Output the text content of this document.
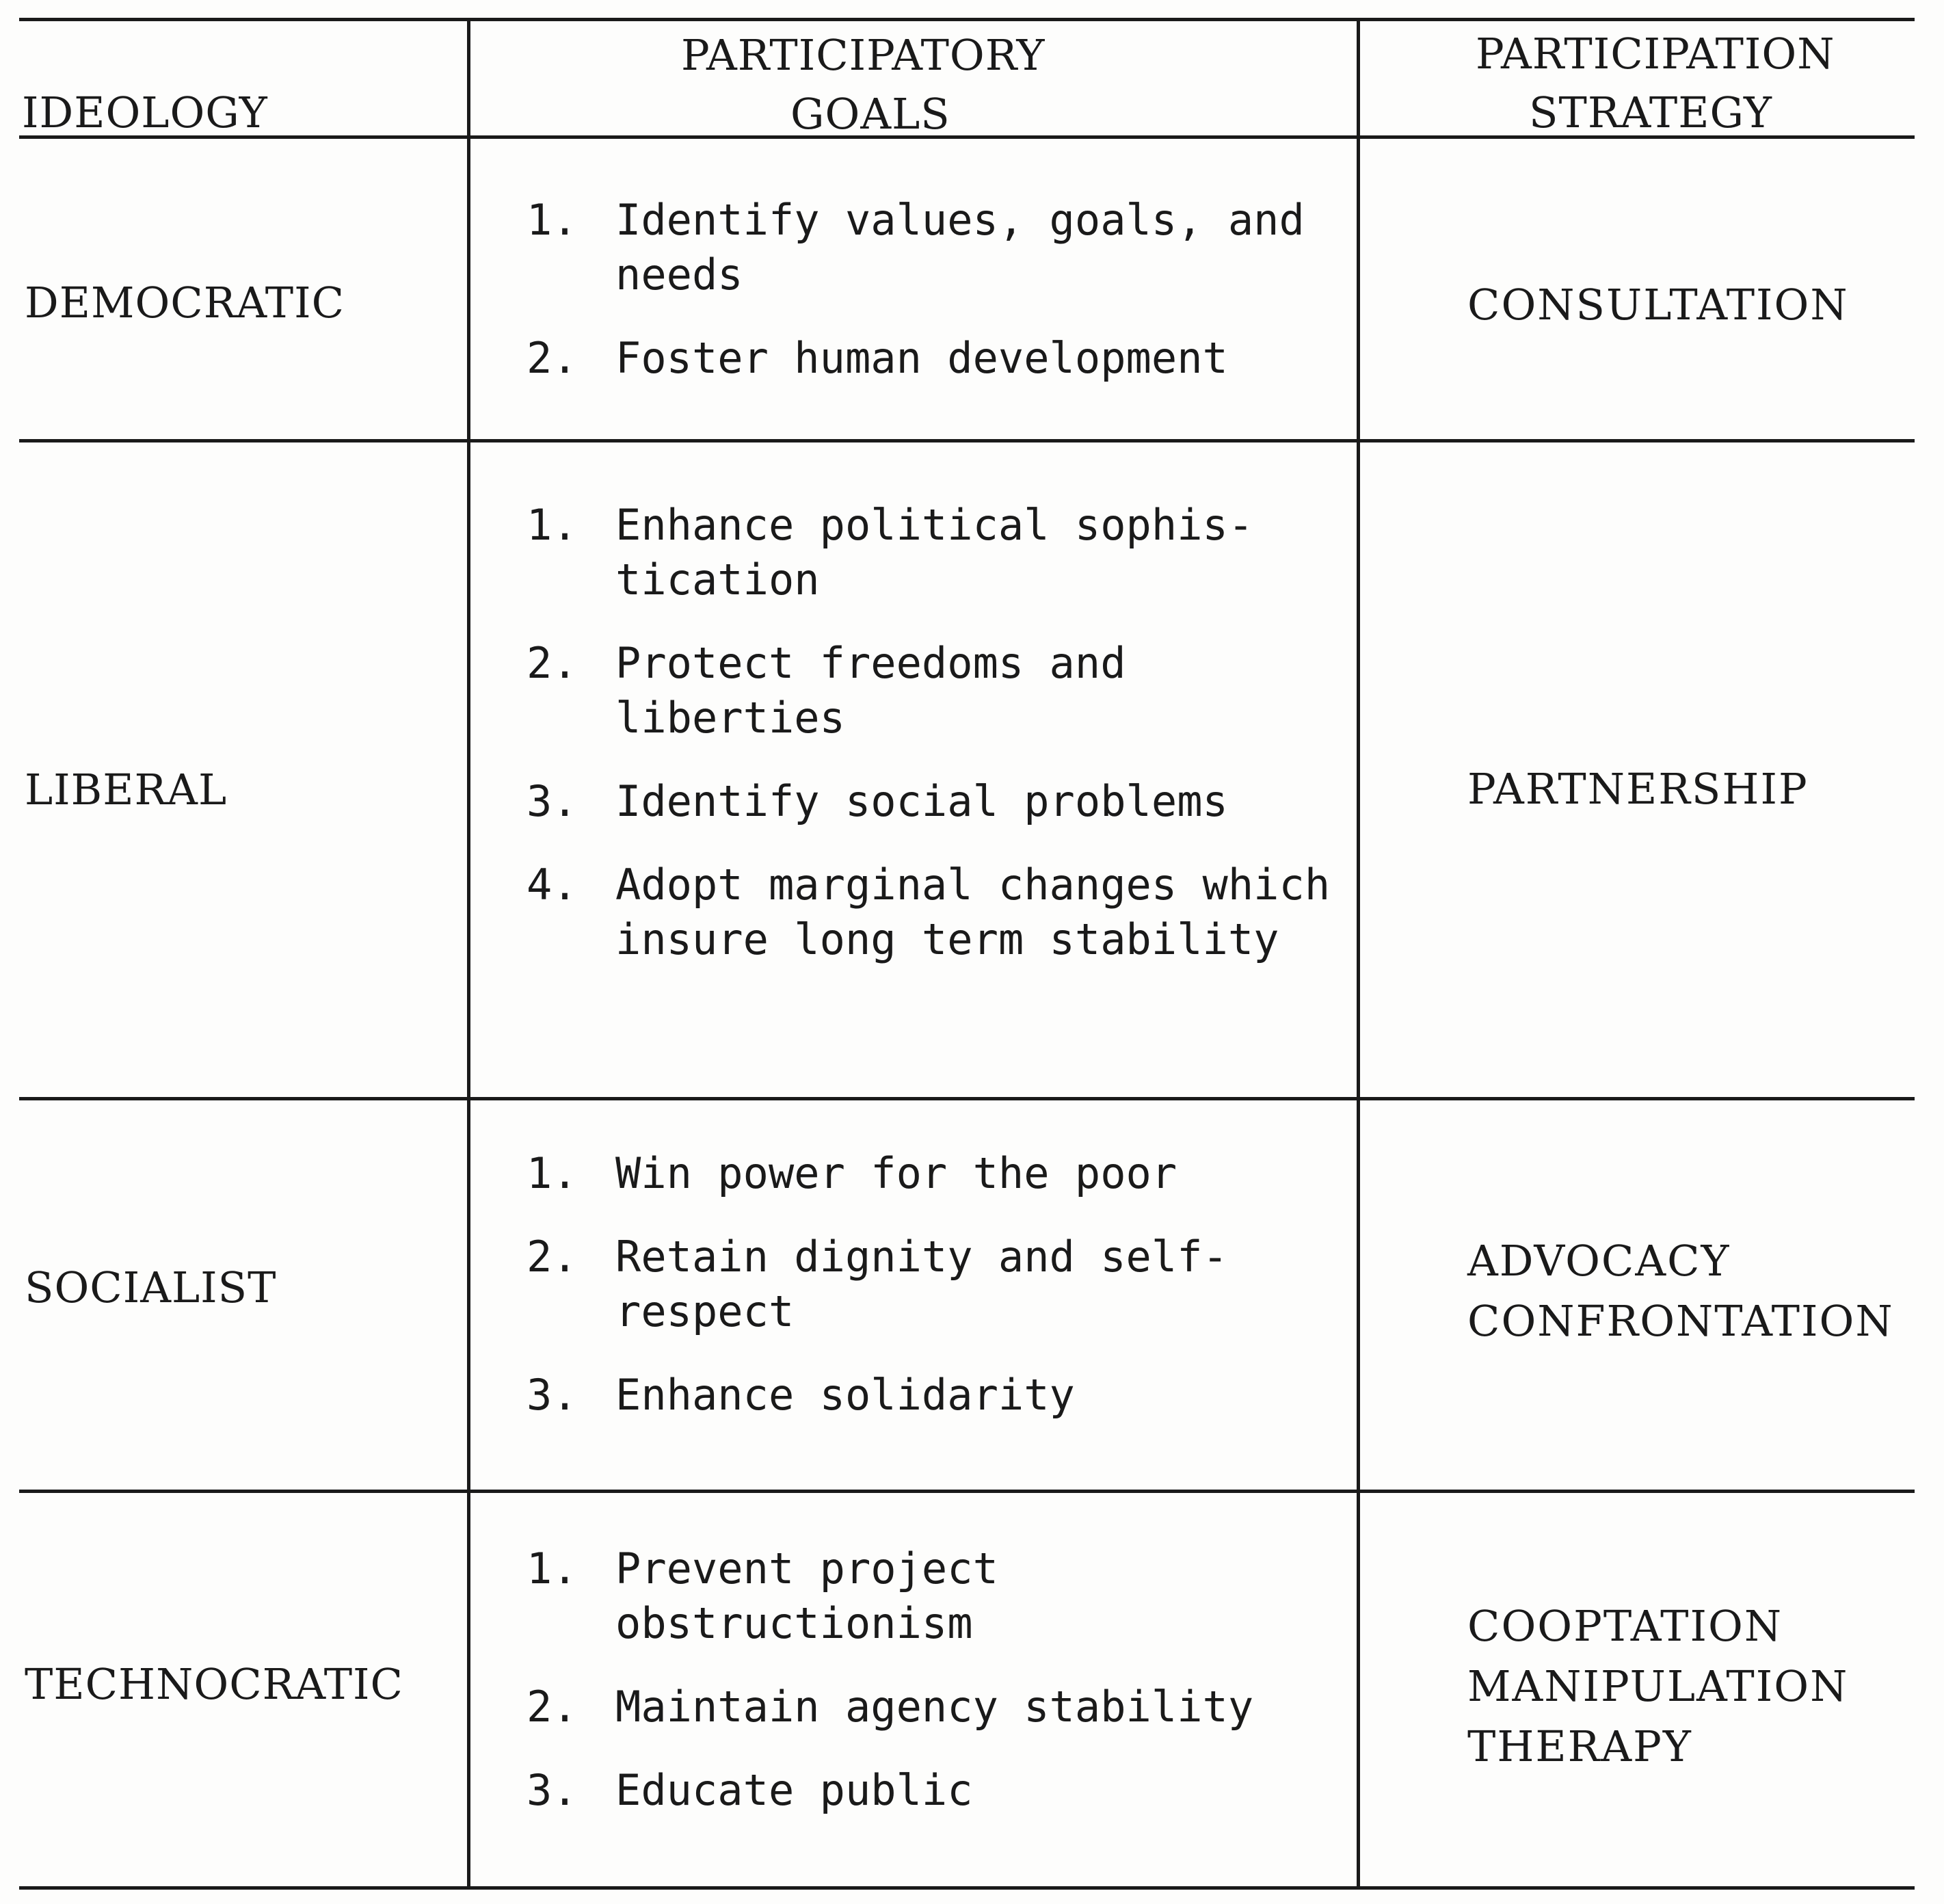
IDEOLOGY
PARTICIPATORY
GOALS
PARTICIPATION
STRATEGY
DEMOCRATIC
1. Identify values, goals, and needs
2. Foster human development
CONSULTATION
LIBERAL
1. Enhance political sophis-tication
2. Protect freedoms and liberties
3. Identify social problems
4. Adopt marginal changes which insure long term stability
PARTNERSHIP
SOCIALIST
1. Win power for the poor
2. Retain dignity and self-respect
3. Enhance solidarity
ADVOCACY
CONFRONTATION
TECHNOCRATIC
1. Prevent project obstructionism
2. Maintain agency stability
3. Educate public
COOPTATION
MANIPULATION
THERAPY
